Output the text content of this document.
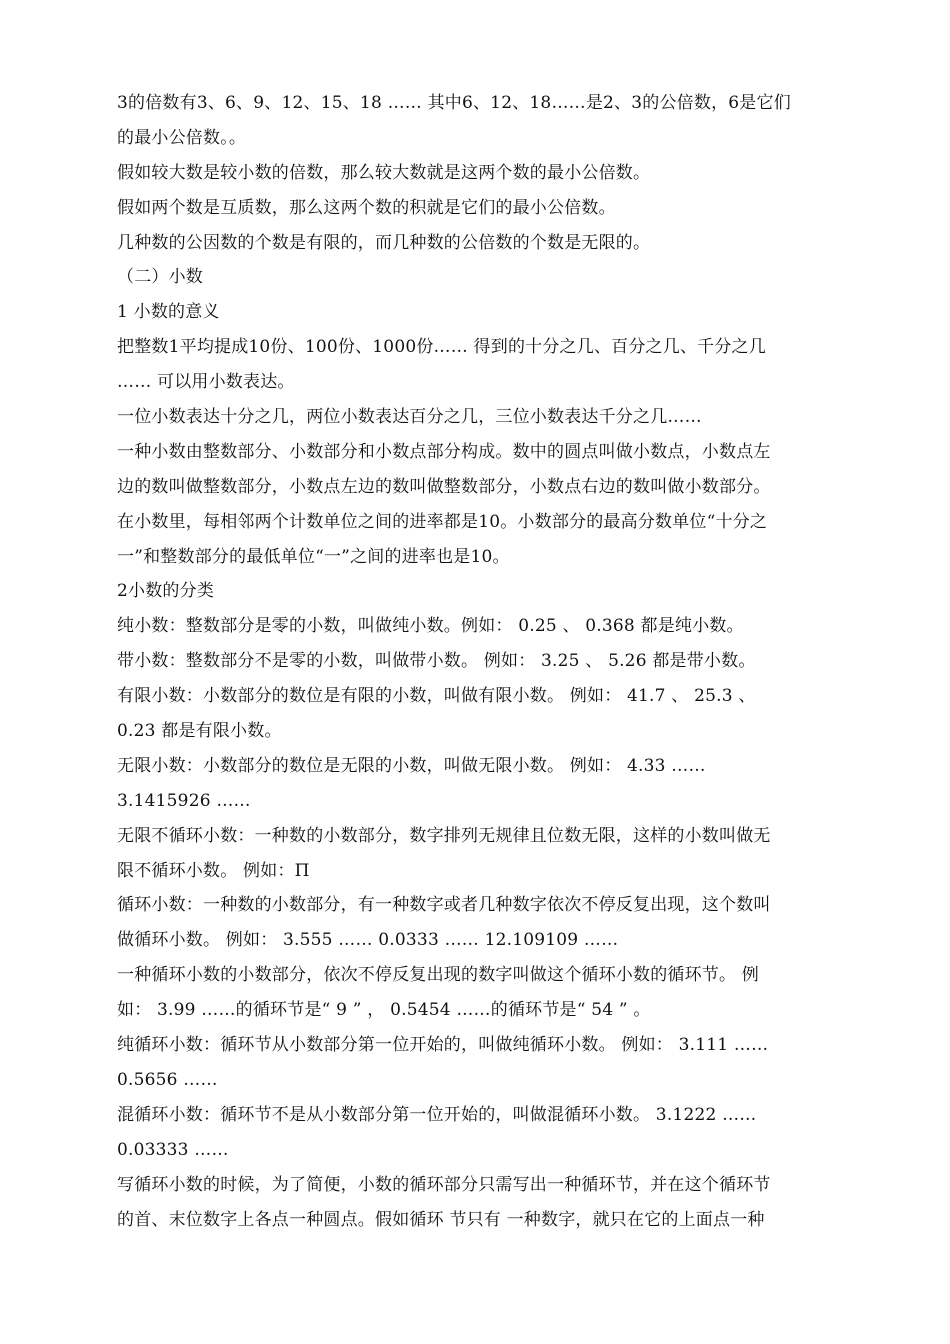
3的倍数有3、6、9、12、15、18 …… 其中6、12、18……是2、3的公倍数，6是它们
的最小公倍数。。
假如较大数是较小数的倍数，那么较大数就是这两个数的最小公倍数。
假如两个数是互质数，那么这两个数的积就是它们的最小公倍数。
几种数的公因数的个数是有限的，而几种数的公倍数的个数是无限的。
（二）小数
1 小数的意义
把整数1平均提成10份、100份、1000份…… 得到的十分之几、百分之几、千分之几
…… 可以用小数表达。
一位小数表达十分之几，两位小数表达百分之几，三位小数表达千分之几……
一种小数由整数部分、小数部分和小数点部分构成。数中的圆点叫做小数点，小数点左
边的数叫做整数部分，小数点左边的数叫做整数部分，小数点右边的数叫做小数部分。
在小数里，每相邻两个计数单位之间的进率都是10。小数部分的最高分数单位“十分之
一”和整数部分的最低单位“一”之间的进率也是10。
2小数的分类
纯小数：整数部分是零的小数，叫做纯小数。例如： 0.25 、 0.368 都是纯小数。
带小数：整数部分不是零的小数，叫做带小数。 例如： 3.25 、 5.26 都是带小数。
有限小数：小数部分的数位是有限的小数，叫做有限小数。 例如： 41.7 、 25.3 、
0.23 都是有限小数。
无限小数：小数部分的数位是无限的小数，叫做无限小数。 例如： 4.33 ……
3.1415926 ……
无限不循环小数：一种数的小数部分，数字排列无规律且位数无限，这样的小数叫做无
限不循环小数。 例如：П
循环小数：一种数的小数部分，有一种数字或者几种数字依次不停反复出现，这个数叫
做循环小数。 例如： 3.555 …… 0.0333 …… 12.109109 ……
一种循环小数的小数部分，依次不停反复出现的数字叫做这个循环小数的循环节。 例
如： 3.99 ……的循环节是“ 9 ” ， 0.5454 ……的循环节是“ 54 ” 。
纯循环小数：循环节从小数部分第一位开始的，叫做纯循环小数。 例如： 3.111 ……
0.5656 ……
混循环小数：循环节不是从小数部分第一位开始的，叫做混循环小数。 3.1222 ……
0.03333 ……
写循环小数的时候，为了简便，小数的循环部分只需写出一种循环节，并在这个循环节
的首、末位数字上各点一种圆点。假如循环 节只有 一种数字，就只在它的上面点一种
